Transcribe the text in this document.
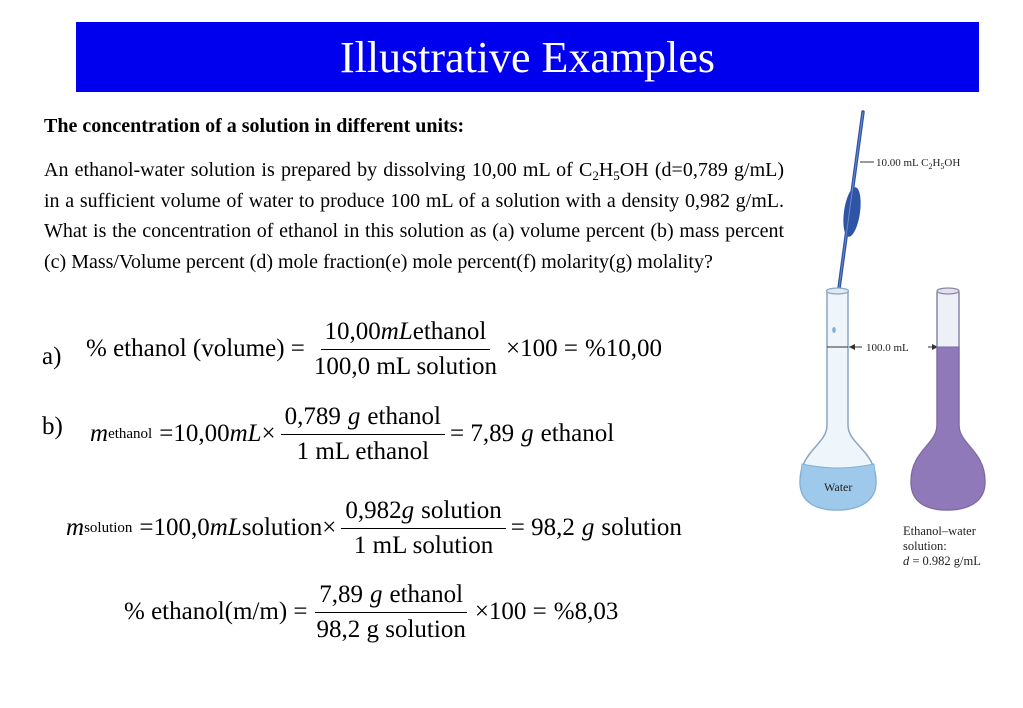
Illustrative Examples
The concentration of a solution in different units:
An ethanol-water solution is prepared by dissolving 10,00 mL of $C_2H_5OH$ (d=0,789 g/mL) in a sufficient volume of water to produce 100 mL of a solution with a density 0,982 g/mL. What is the concentration of ethanol in this solution as (a) volume percent (b) mass percent (c) Mass/Volume percent (d) mole fraction(e) mole percent(f) molarity(g) molality?
a) % ethanol (volume) = $\frac{\text{10,00mLethanol}}{\text{100,0 mL solution}} \times 100 = \%10,00$
b) m ethanol =10,00 mL × $\frac{\text{0,789 g ethanol}}{\text{1 mL ethanol}} = 7,89$ g ethanol
m solution =100,0 mL solution× $\frac{\text{0,982g solution}}{\text{1 mL solution}} = 98,2$ g solution
% ethanol(m/m) = $\frac{\text{7,89 g ethanol}}{\text{98,2 g solution}} \times 100 = \%8,03$
10.00 mL $C_2H_5OH$
Water
100.0 mL
Ethanol–water
solution:
d = 0.982 g/mL
